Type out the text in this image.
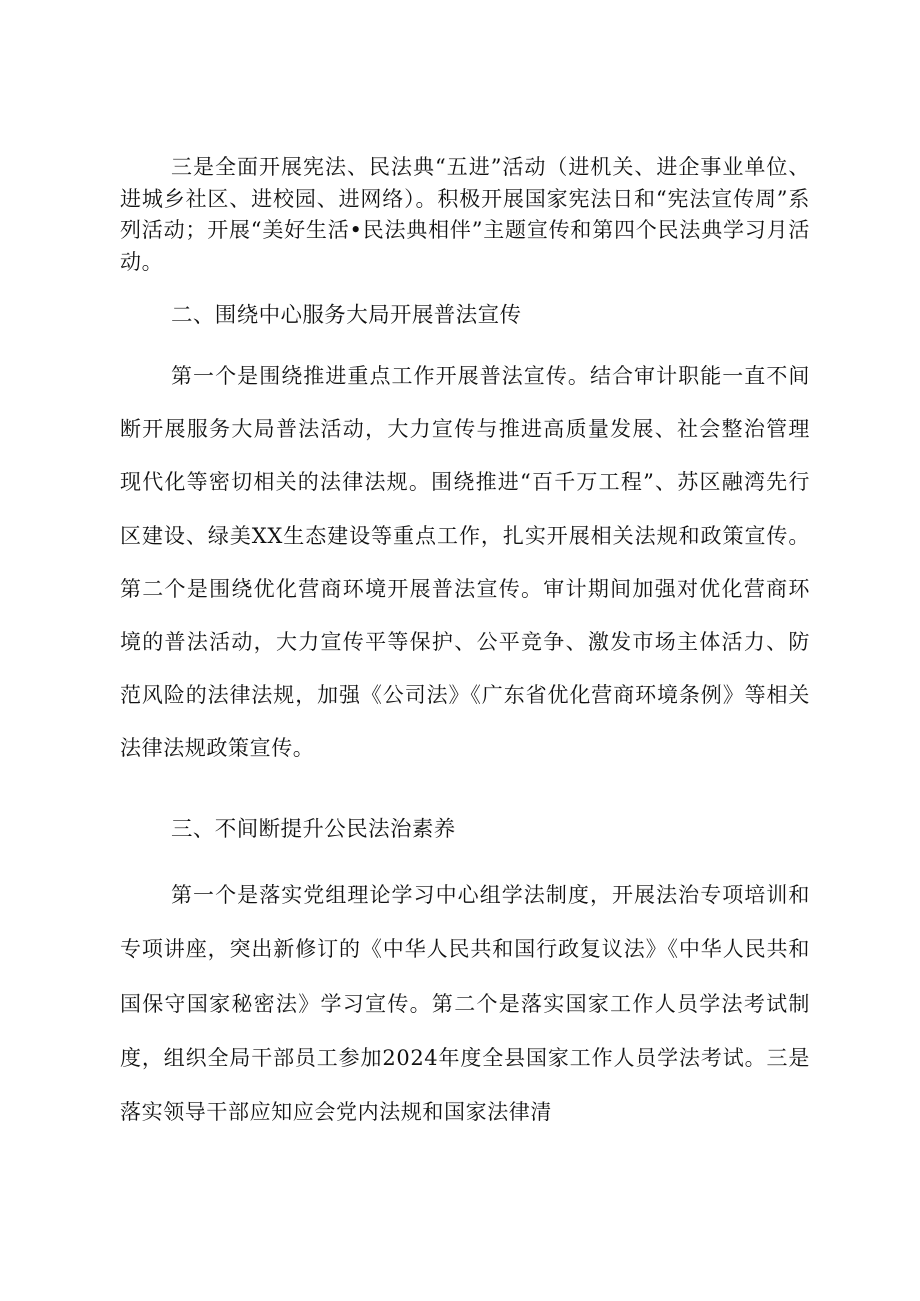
三是全面开展宪法、民法典“五进”活动（进机关、进企事业单位、进城乡社区、进校园、进网络）。积极开展国家宪法日和“宪法宣传周”系列活动；开展“美好生活•民法典相伴”主题宣传和第四个民法典学习月活动。

二、围绕中心服务大局开展普法宣传

第一个是围绕推进重点工作开展普法宣传。结合审计职能一直不间断开展服务大局普法活动，大力宣传与推进高质量发展、社会整治管理现代化等密切相关的法律法规。围绕推进“百千万工程”、苏区融湾先行区建设、绿美XX生态建设等重点工作，扎实开展相关法规和政策宣传。第二个是围绕优化营商环境开展普法宣传。审计期间加强对优化营商环境的普法活动，大力宣传平等保护、公平竞争、激发市场主体活力、防范风险的法律法规，加强《公司法》《广东省优化营商环境条例》等相关法律法规政策宣传。

三、不间断提升公民法治素养

第一个是落实党组理论学习中心组学法制度，开展法治专项培训和专项讲座，突出新修订的《中华人民共和国行政复议法》《中华人民共和国保守国家秘密法》学习宣传。第二个是落实国家工作人员学法考试制度，组织全局干部员工参加2024年度全县国家工作人员学法考试。三是落实领导干部应知应会党内法规和国家法律清
